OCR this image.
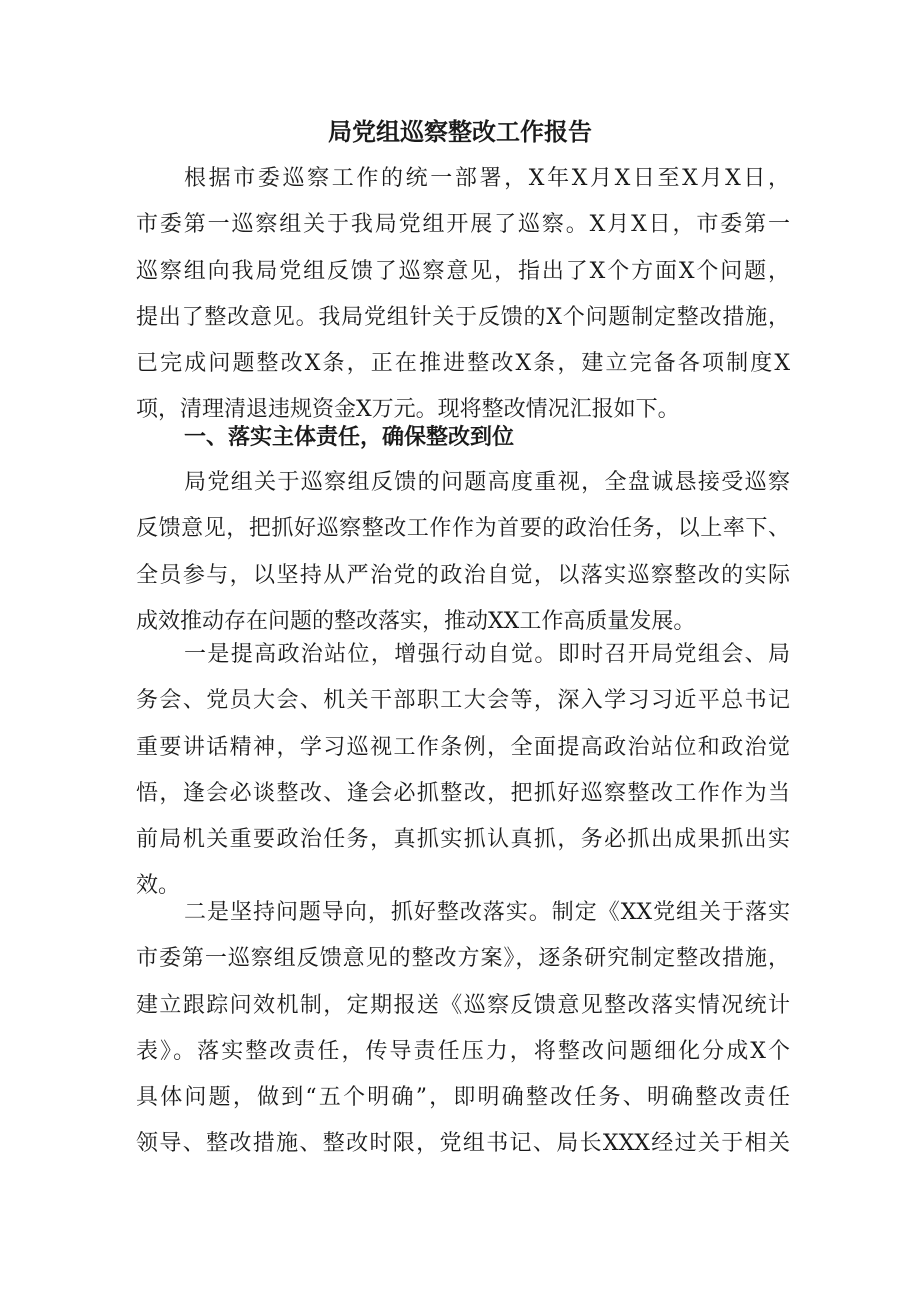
局党组巡察整改工作报告
根据市委巡察工作的统一部署，X年X月X日至X月X日，
市委第一巡察组关于我局党组开展了巡察。X月X日，市委第一
巡察组向我局党组反馈了巡察意见，指出了X个方面X个问题，
提出了整改意见。我局党组针关于反馈的X个问题制定整改措施，
已完成问题整改X条，正在推进整改X条，建立完备各项制度X
项，清理清退违规资金X万元。现将整改情况汇报如下。
一、落实主体责任，确保整改到位
局党组关于巡察组反馈的问题高度重视，全盘诚恳接受巡察
反馈意见，把抓好巡察整改工作作为首要的政治任务，以上率下、
全员参与，以坚持从严治党的政治自觉，以落实巡察整改的实际
成效推动存在问题的整改落实，推动XX工作高质量发展。
一是提高政治站位，增强行动自觉。即时召开局党组会、局
务会、党员大会、机关干部职工大会等，深入学习习近平总书记
重要讲话精神，学习巡视工作条例，全面提高政治站位和政治觉
悟，逢会必谈整改、逢会必抓整改，把抓好巡察整改工作作为当
前局机关重要政治任务，真抓实抓认真抓，务必抓出成果抓出实
效。
二是坚持问题导向，抓好整改落实。制定《XX党组关于落实
市委第一巡察组反馈意见的整改方案》，逐条研究制定整改措施，
建立跟踪问效机制，定期报送《巡察反馈意见整改落实情况统计
表》。落实整改责任，传导责任压力，将整改问题细化分成X个
具体问题，做到“五个明确”，即明确整改任务、明确整改责任
领导、整改措施、整改时限，党组书记、局长XXX经过关于相关
